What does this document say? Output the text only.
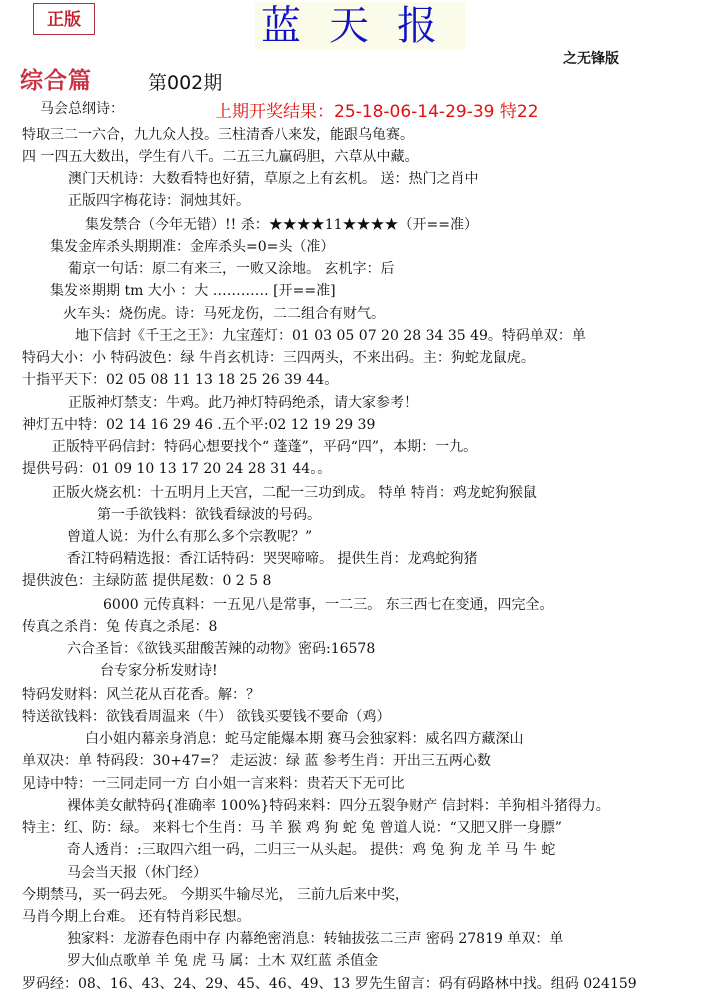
正版	蓝天报
之无锋版
综合篇	第002期
上期开奖结果：25-18-06-14-29-39 特22
马会总纲诗：
特取三二一六合，九九众人投。三柱清香八来发，能跟乌龟赛。
四 一四五大数出，学生有八千。二五三九赢码胆，六草从中藏。
澳门天机诗：大数看特也好猜，草原之上有玄机。 送：热门之肖中
正版四字梅花诗：洞烛其奸。
集发禁合（今年无错）!! 杀：★★★★11★★★★（开==准）
集发金库杀头期期准：金库杀头=0=头（准）
葡京一句话：原二有来三，一败又涂地。 玄机字：后
集发※期期 tm 大小 ：大 ………… [开==准]
火车头：烧伤虎。诗：马死龙伤，二二组合有财气。
地下信封《千王之王》：九宝莲灯：01 03 05 07 20 28 34 35 49。特码单双：单
特码大小：小 特码波色：绿 牛肖玄机诗：三四两头，不来出码。主：狗蛇龙鼠虎。
十指平天下：02 05 08 11 13 18 25 26 39 44。
正版神灯禁支：牛鸡。此乃神灯特码绝杀，请大家参考！
神灯五中特：02 14 16 29 46 .五个平:02 12 19 29 39
正版特平码信封：特码心想要找个“ 蓬蓬”，平码“四”，本期：一九。
提供号码：01 09 10 13 17 20 24 28 31 44。。
正版火烧玄机：十五明月上天宫，二配一三功到成。 特单 特肖：鸡龙蛇狗猴鼠
第一手欲钱料：欲钱看绿波的号码。
曾道人说：为什么有那么多个宗教呢？”
香江特码精选报：香江话特码：哭哭啼啼。 提供生肖：龙鸡蛇狗猪
提供波色：主绿防蓝 提供尾数：0 2 5 8
6000 元传真料：一五见八是常事，一二三。 东三西七在变通，四完全。
传真之杀肖：兔 传真之杀尾：8
六合圣旨：《欲钱买甜酸苦辣的动物》密码:16578
台专家分析发财诗!
特码发财料：风兰花从百花香。解：？
特送欲钱料：欲钱看周温来（牛） 欲钱买要钱不要命（鸡）
白小姐内幕亲身消息：蛇马定能爆本期 赛马会独家料：威名四方藏深山
单双决：单 特码段：30+47=？ 走运波：绿 蓝 参考生肖：开出三五两心数
见诗中特：一三同走同一方 白小姐一言来料：贵若天下无可比
裸体美女献特码{准确率 100%}特码来料：四分五裂争财产 信封料：羊狗相斗猪得力。
特主：红、防：绿。 来料七个生肖：马 羊 猴 鸡 狗 蛇 兔 曾道人说：“又肥又胖一身膘”
奇人透肖：:三取四六组一码，二归三一从头起。 提供：鸡 兔 狗 龙 羊 马 牛 蛇
马会当天报（休门经）
今期禁马，买一码去死。 今期买牛输尽光， 三前九后来中奖，
马肖今期上台难。 还有特肖彩民想。
独家料：龙游春色雨中存 内幕绝密消息：转轴拔弦二三声 密码 27819 单双：单
罗大仙点歌单 羊 兔 虎 马 属：土木 双红蓝 杀值金
罗码经：08、16、43、24、29、45、46、49、13 罗先生留言：码有码路林中找。组码 024159
